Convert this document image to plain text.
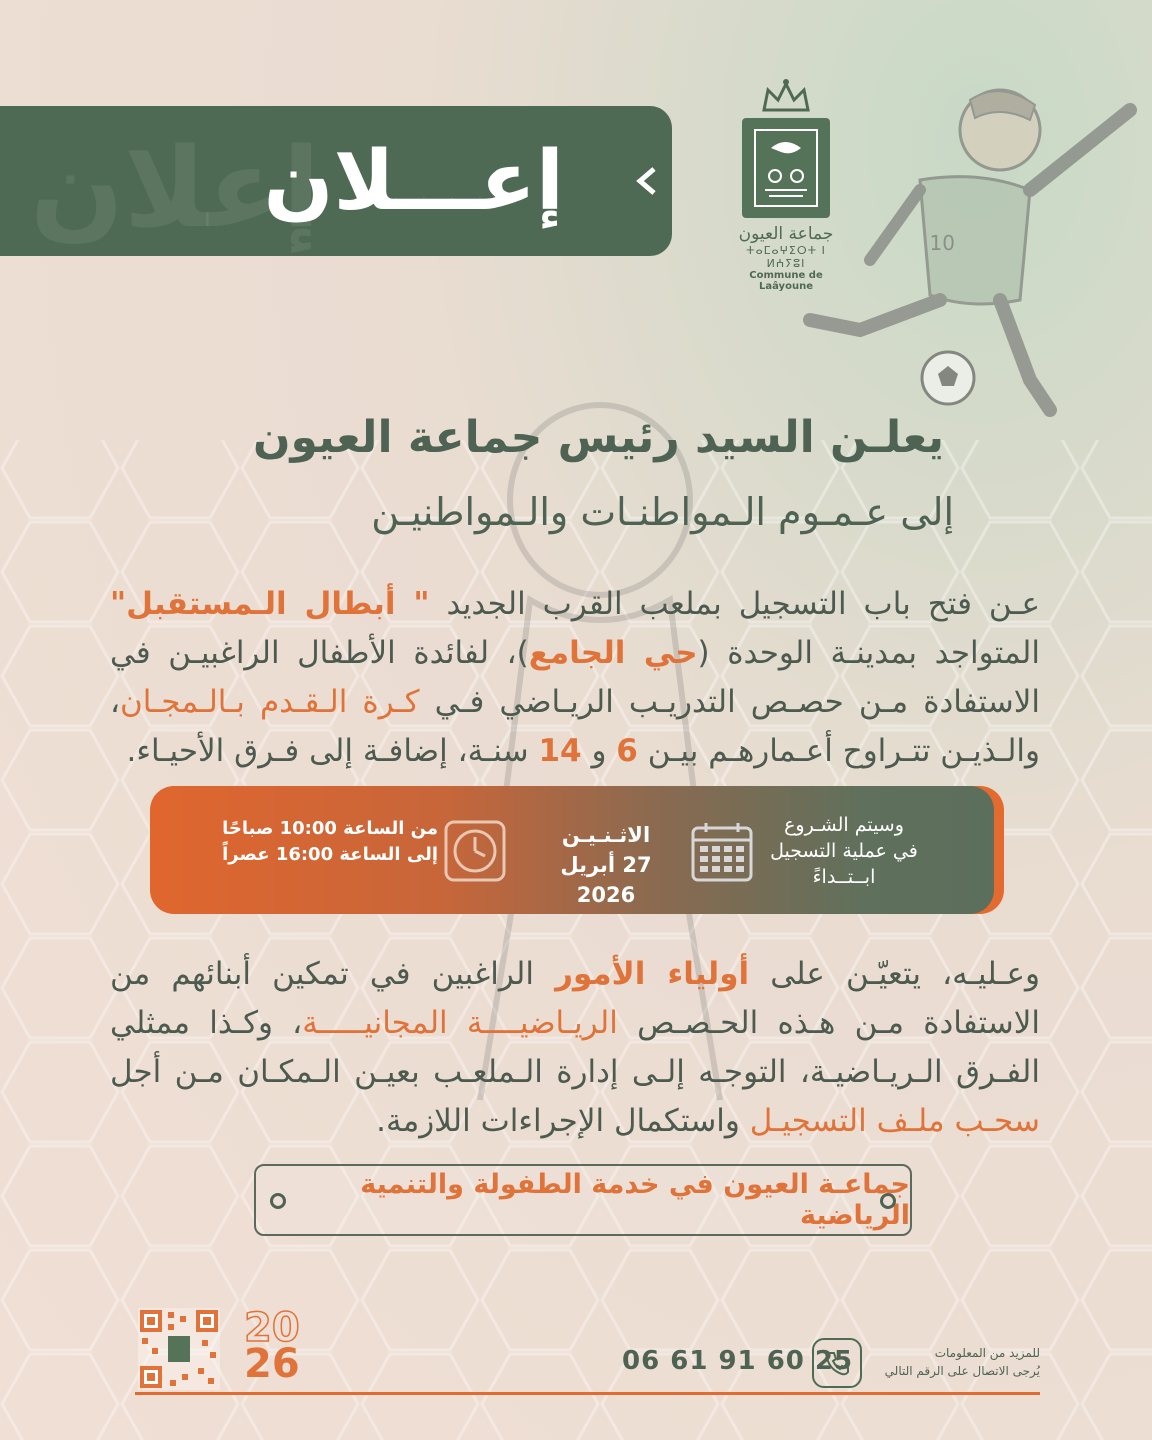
إعلان
إعـــلان
جماعة العيون
ⵜⴰⵎⴰⵖⵉⵔⵜ ⵏ ⵍⵄⵢⵓⵏ
Commune de Laâyoune
10
يعلـن السيد رئيس جماعة العيون
إلى عـمـوم الـمواطنـات والـمواطنيـن
عـن فتح باب التسجيل بملعب القرب الجديد " أبطال الـمستقبل" المتواجد بمدينـة الوحدة (حي الجامع)، لفائدة الأطفال الراغبيـن في الاستفادة مـن حصـص التدريـب الريـاضي فـي كـرة الـقـدم بـالـمجـان، والـذيـن تتـراوح أعـمارهـم بيـن 6 و 14 سنـة، إضافـة إلى فـرق الأحيـاء.
وسيتم الشـروع
في عملية التسجيل
ابــتــداءً
الاثـنـيـن
27 أبريل 2026
من الساعة 10:00 صباحًا
إلى الساعة 16:00 عصراً
وعـليـه، يتعيّـن على أولياء الأمور الراغبين في تمكين أبنائهم من الاستفادة مـن هـذه الحـصـص الريـاضيــــة المجانيـــــة، وكـذا ممثلي الفـرق الـريـاضيـة، التوجـه إلـى إدارة الـملعـب بعيـن الـمكـان مـن أجل سحـب ملـف التسجيـل واستكمال الإجراءات اللازمة.
جماعـة العيون في خدمة الطفولة والتنمية الرياضية
للمزيد من المعلومات
يُرجى الاتصال على الرقم التالي
06 61 91 60 25
20
26
